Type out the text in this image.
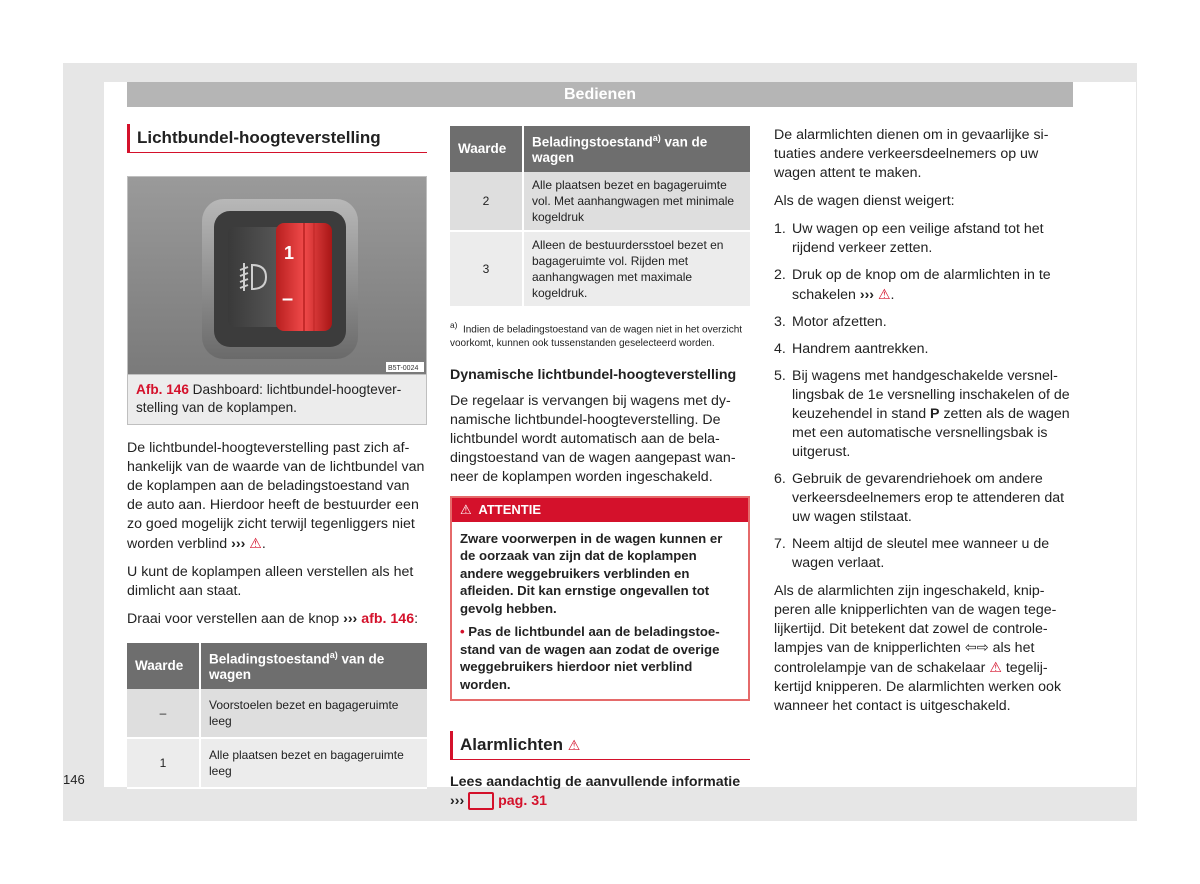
Bedienen
Lichtbundel-hoogteverstelling
1
–
B5T-0024
Afb. 146 Dashboard: lichtbundel-hoogteverstelling van de koplampen.

De lichtbundel-hoogteverstelling past zich afhankelijk van de waarde van de lichtbundel van de koplampen aan de beladingstoestand van de auto aan. Hierdoor heeft de bestuurder een zo goed mogelijk zicht terwijl tegenliggers niet worden verblind ››› ⚠.

U kunt de koplampen alleen verstellen als het dimlicht aan staat.

Draai voor verstellen aan de knop ››› afb. 146:

Waarde	Beladingstoestand$^{a)}$ van de wagen
–	Voorstoelen bezet en bagageruimte leeg
1	Alle plaatsen bezet en bagageruimte leeg
Waarde	Beladingstoestand$^{a)}$ van de wagen
2	Alle plaatsen bezet en bagageruimte vol. Met aanhangwagen met minimale kogeldruk
3	Alleen de bestuurdersstoel bezet en bagageruimte vol. Rijden met aanhangwagen met maximale kogeldruk.
$^{a)}$ Indien de beladingstoestand van de wagen niet in het overzicht voorkomt, kunnen ook tussenstanden geselecteerd worden.
Dynamische lichtbundel-hoogteverstelling

De regelaar is vervangen bij wagens met dynamische lichtbundel-hoogteverstelling. De lichtbundel wordt automatisch aan de beladingstoestand van de wagen aangepast wanneer de koplampen worden ingeschakeld.

⚠ ATTENTIE

Zware voorwerpen in de wagen kunnen er de oorzaak van zijn dat de koplampen andere weggebruikers verblinden en afleiden. Dit kan ernstige ongevallen tot gevolg hebben.

• Pas de lichtbundel aan de beladingstoestand van de wagen aan zodat de overige weggebruikers hierdoor niet verblind worden.

Alarmlichten ⚠
Lees aandachtig de aanvullende informatie
››› pag. 31

De alarmlichten dienen om in gevaarlijke situaties andere verkeersdeelnemers op uw wagen attent te maken.

Als de wagen dienst weigert:

1. Uw wagen op een veilige afstand tot het rijdend verkeer zetten.
2. Druk op de knop om de alarmlichten in te schakelen ››› ⚠.
3. Motor afzetten.
4. Handrem aantrekken.
5. Bij wagens met handgeschakelde versnellingsbak de 1e versnelling inschakelen of de keuzehendel in stand P zetten als de wagen met een automatische versnellingsbak is uitgerust.
6. Gebruik de gevarendriehoek om andere verkeersdeelnemers erop te attenderen dat uw wagen stilstaat.
7. Neem altijd de sleutel mee wanneer u de wagen verlaat.

Als de alarmlichten zijn ingeschakeld, knipperen alle knipperlichten van de wagen tegelijkertijd. Dit betekent dat zowel de controlelampjes van de knipperlichten ⇦⇨ als het controlelampje van de schakelaar ⚠ tegelijkertijd knipperen. De alarmlichten werken ook wanneer het contact is uitgeschakeld.

146
